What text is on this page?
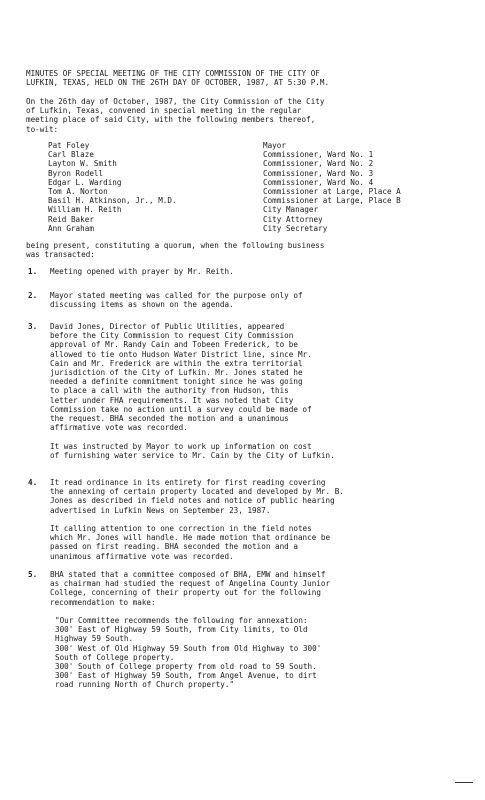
MINUTES OF SPECIAL MEETING OF THE CITY COMMISSION OF THE CITY OF
LUFKIN, TEXAS, HELD ON THE 26TH DAY OF OCTOBER, 1987, AT 5:30 P.M.
On the 26th day of October, 1987, the City Commission of the City
of Lufkin, Texas, convened in special meeting in the regular
meeting place of said City, with the following members thereof,
to-wit:
Pat Foley	Mayor
Carl Blaze	Commissioner, Ward No. 1
Layton W. Smith	Commissioner, Ward No. 2
Byron Rodell	Commissioner, Ward No. 3
Edgar L. Warding	Commissioner, Ward No. 4
Tom A. Norton	Commissioner at Large, Place A
Basil H. Atkinson, Jr., M.D.	Commissioner at Large, Place B
William H. Reith	City Manager
Reid Baker	City Attorney
Ann Graham	City Secretary
being present, constituting a quorum, when the following business
was transacted:
1. Meeting opened with prayer by Mr. Reith.
2. Mayor stated meeting was called for the purpose only of
discussing items as shown on the agenda.
3. David Jones, Director of Public Utilities, appeared
before the City Commission to request City Commission
approval of Mr. Randy Cain and Tobeen Frederick, to be
allowed to tie onto Hudson Water District line, since Mr.
Cain and Mr. Frederick are within the extra territorial
jurisdiction of the City of Lufkin. Mr. Jones stated he
needed a definite commitment tonight since he was going
to place a call with the authority from Hudson, this
letter under FHA requirements. It was noted that City
Commission take no action until a survey could be made of
the request. BHA seconded the motion and a unanimous
affirmative vote was recorded.
It was instructed by Mayor to work up information on cost
of furnishing water service to Mr. Cain by the City of Lufkin.
4. It read ordinance in its entirety for first reading covering
the annexing of certain property located and developed by Mr. B.
Jones as described in field notes and notice of public hearing
advertised in Lufkin News on September 23, 1987.
It calling attention to one correction in the field notes
which Mr. Jones will handle. He made motion that ordinance be
passed on first reading. BHA seconded the motion and a
unanimous affirmative vote was recorded.
5. BHA stated that a committee composed of BHA, EMW and himself
as chairman had studied the request of Angelina County Junior
College, concerning of their property out for the following
recommendation to make:
"Our Committee recommends the following for annexation:
300' East of Highway 59 South, from City limits, to Old
Highway 59 South.
300' West of Old Highway 59 South from Old Highway to 300'
South of College property.
300' South of College property from old road to 59 South.
300' East of Highway 59 South, from Angel Avenue, to dirt
road running North of Church property."
